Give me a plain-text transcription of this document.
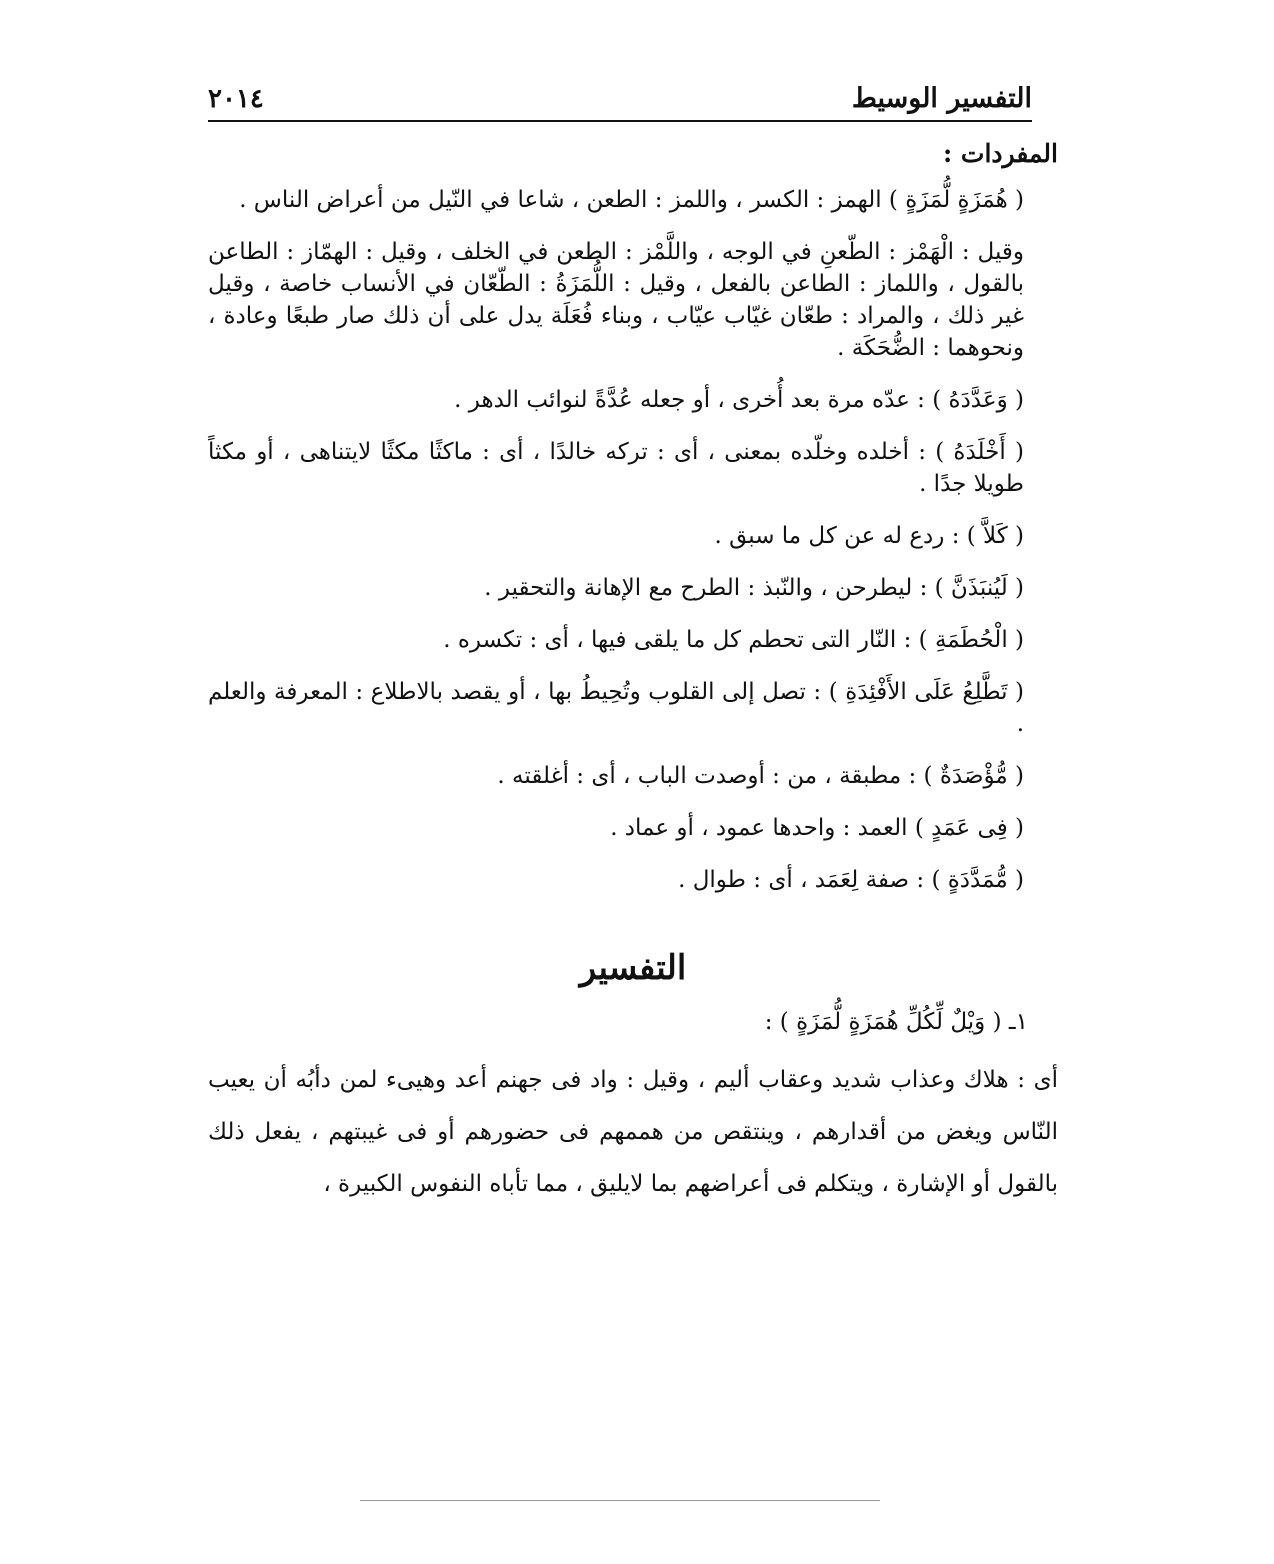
٢٠١٤	التفسير الوسيط
المفردات :

( هُمَزَةٍ لُّمَزَةٍ ) الهمز : الكسر ، واللمز : الطعن ، شاعا في النّيل من أعراض الناس .

وقيل : الْهَمْز : الطّعنِ في الوجه ، واللَّمْز : الطعن في الخلف ، وقيل : الهمّاز : الطاعن بالقول ، واللماز : الطاعن بالفعل ، وقيل : اللُّمَزَةُ : الطّعّان في الأنساب خاصة ، وقيل غير ذلك ، والمراد : طعّان غيّاب عيّاب ، وبناء فُعَلَة يدل على أن ذلك صار طبعًا وعادة ، ونحوهما : الضُّحَكَة .

( وَعَدَّدَهُ ) : عدّه مرة بعد أُخرى ، أو جعله عُدَّةً لنوائب الدهر .

( أَخْلَدَهُ ) : أخلده وخلّده بمعنى ، أى : تركه خالدًا ، أى : ماكثًا مكثًا لايتناهى ، أو مكثاً طويلا جدًا .

( كَلاَّ ) : ردع له عن كل ما سبق .

( لَيُنبَذَنَّ ) : ليطرحن ، والنّبذ : الطرح مع الإهانة والتحقير .

( الْحُطَمَةِ ) : النّار التى تحطم كل ما يلقى فيها ، أى : تكسره .

( تَطَّلِعُ عَلَى الأَفْئِدَةِ ) : تصل إلى القلوب وتُحِيطُ بها ، أو يقصد بالاطلاع : المعرفة والعلم .

( مُّؤْصَدَةٌ ) : مطبقة ، من : أوصدت الباب ، أى : أغلقته .

( فِى عَمَدٍ ) العمد : واحدها عمود ، أو عماد .

( مُّمَدَّدَةٍ ) : صفة لِعَمَد ، أى : طوال .

التفسير

١ـ ( وَيْلٌ لِّكُلِّ هُمَزَةٍ لُّمَزَةٍ ) :

أى : هلاك وعذاب شديد وعقاب أليم ، وقيل : واد فى جهنم أعد وهيىء لمن دأبُه أن يعيب النّاس ويغض من أقدارهم ، وينتقص من هممهم فى حضورهم أو فى غيبتهم ، يفعل ذلك بالقول أو الإشارة ، ويتكلم فى أعراضهم بما لايليق ، مما تأباه النفوس الكبيرة ،
